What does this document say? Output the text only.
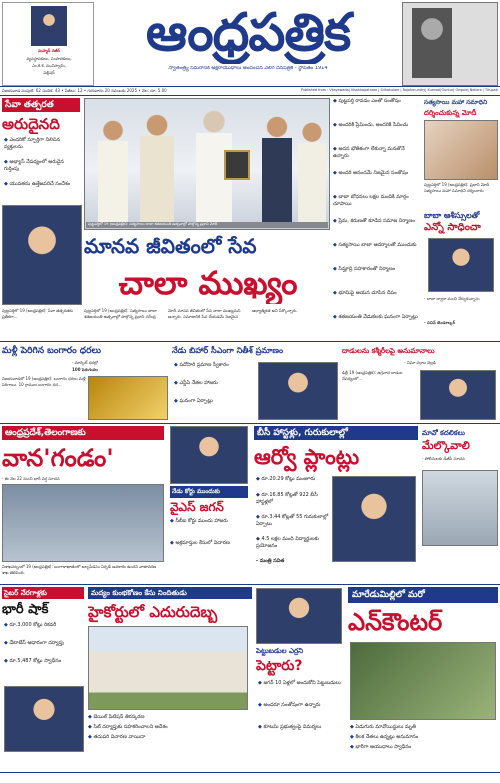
మహ్మద్ నజీర్
వ్యవస్థాపకులు, సంపాదకులు,
ఎం.కె.కె. మునిస్వామి,
పబ్లిషర్
ఆంధ్రపత్రిక
స్వాతంత్ర్య సమరానికి అక్షరాయుధాలు అందించిన వెలిగె దినపత్రిక - స్థాపితం 1914
విజయవాడ సంపుటి: 62 సంచిక: 43 • పేజీలు: 12 • గురువారం 20 నవంబరు 2025 • వెల: రూ. 5.00	Published from : Vijayawada| Visakhapatnam | Srikakulam | Rajahmundry| Kurnool|Guntur| Ongole| Nellore | Tirupati
సేవా తత్పరత
అరుదైనది
◆ ఎందరికో స్ఫూర్తిగా నిలిచిన వ్యక్తులను
◆ అభ్యాస్ నేపథ్యంలో అరుదైన గుర్తింపు
◆ యువతను ఉత్తేజపరిచే సందేశం
పుట్టపర్తిలో 19 (ఆంధ్రపత్రిక): సేవా తత్పరతకు ప్రతీకగా...
పుట్టపర్తిలో 19 (ఆంధ్రపత్రిక): సత్యసాయి బాబా శతజయంతి ఉత్సవాల్లో పాల్గొన్న ప్రధాని మోదీ
◆ పుట్టపర్తి రావడం ఎంతో సంతోషం
◆ అందరికీ ప్రేమించు, అందరికీ సేవించు
◆ అదన భౌతికంగా లేకున్నా మనతోనే ఉన్నారు
◆ అందరి ఆనందమే నిజమైన సంతోషం
◆ బాబా బోధనలు లక్షల మందికి మార్గం చూపాయి
◆ ప్రేమ, కరుణతో కూడిన సమాజ నిర్మాణం
◆ సత్యసాయి బాబా ఆదర్శాలతో ముందుకు
◆ సిమ్హాద్రి సహకారంతో నిర్మాణం
◆ భూమిపై ఆయన చూపిన దీపం
◆ శతజయంతి వేడుకలకు ఘనంగా ఏర్పాట్లు
మానవ జీవితంలో సేవ
చాలా ముఖ్యం
పుట్టపర్తిలో 19 (ఆంధ్రపత్రిక): సత్యసాయి బాబా శతజయంతి ఉత్సవాల్లో పాల్గొన్న ప్రధాని నరేంద్ర మోదీ మానవ జీవితంలో సేవ చాలా ముఖ్యమని అన్నారు. సమాజానికి సేవ చేయడమే నిజమైన ఆధ్యాత్మికత అని పేర్కొన్నారు.
సత్యసాయి మహా సమాధిని
దర్శించుకున్న మోదీ
పుట్టపర్తిలో 19 (ఆంధ్రపత్రిక): ప్రధాని మోదీ సత్యసాయి మహా సమాధిని దర్శించారు
బాబా ఆశీస్సులతో
ఎన్నో సాధించా
- బాబా ద్వారా మంచి నేర్చుకున్నాను
- సచిన్ టెండూల్కర్
మళ్లీ పెరిగిన బంగారం ధరలు
- మార్కెట్ ధరల్లో
100 పెరుగుదల
విజయవాడలో 19 (ఆంధ్రపత్రిక): బంగారం ధరలు మళ్లీ పెరిగాయి. 10 గ్రాముల బంగారం ధర...
నేడు బిహార్ సీఎంగా నితీశ్ ప్రమాణం
◆ పదోసారి ప్రమాణ స్వీకారం
◆ ఎన్డీఏ నేతల హాజరు
◆ ఘనంగా ఏర్పాట్లు
దాడులను కశ్మీరీలపై అనుమానాలు
- నిఘా వర్గాల వెల్లడి
ఢిల్లీ 19 (ఆంధ్రపత్రిక): ఉగ్రవాద దాడుల నేపథ్యంలో...
ఆంధ్రప్రదేశ్,తెలంగాణకు
వాన'గండం'
- ఈ నెల 22 నుంచి భారీ వర్ష సూచన
విశాఖపట్నంలో 19 (ఆంధ్రపత్రిక): బంగాళాఖాతంలో అల్పపీడనం ఏర్పడే అవకాశం ఉందని వాతావరణ శాఖ తెలిపింది.
నేడు కోర్టు ముందుకు
వైఎస్ జగన్
◆ సీబీఐ కోర్టు ముందు హాజరు
◆ అక్రమాస్తుల కేసులో విచారణ
బీసీ హాస్టళ్లు, గురుకులాల్లో
ఆర్వో ప్లాంట్లు
◆ రూ.20.29 కోట్లు మంజూరు
◆ రూ.16.85 కోట్లతో 922 బీసీ హాస్టళ్లలో
◆ రూ.3.44 కోట్లతో 55 గురుకులాల్లో ఏర్పాటు
◆ 4.5 లక్షల మంది విద్యార్థులకు ప్రయోజనం
- మంత్రి సవిత
మావో కదలికలు
మేల్కొవాలి
- పోలీసులకు డీజీపీ సూచన
సైబర్ నేరగాళ్లకు
భారీ షాక్
◆ రూ.3,000 కోట్లు రికవరీ
◆ డేటాబేస్ ఆధారంగా దర్యాప్తు
◆ రూ.5,487 కోట్లు స్వాధీనం
మద్యం కుంభకోణం కేసు నిందితుడు
హైకోర్టులో ఎదురుదెబ్బ
◆ బెయిల్ పిటిషన్ తిరస్కరణ
◆ సిట్ దర్యాప్తుకు సహకరించాలని ఆదేశం
◆ తదుపరి విచారణ వాయిదా
పెట్టుబడుల ఎర్రని
పెట్టారు?
◆ జగన్ 10 ఏళ్లలో అందుకోని పెట్టుబడులు
◆ అందరూ సంతోషంగా ఉన్నారు
◆ కూటమి ప్రభుత్వంపై విమర్శలు
మారేడుమిల్లిలో మరో
ఎన్‌కౌంటర్
◆ ఏడుగురు మావోయిస్టులు మృతి
◆ కీలక నేతలు ఉన్నట్లు అనుమానం
◆ భారీగా ఆయుధాలు స్వాధీనం
